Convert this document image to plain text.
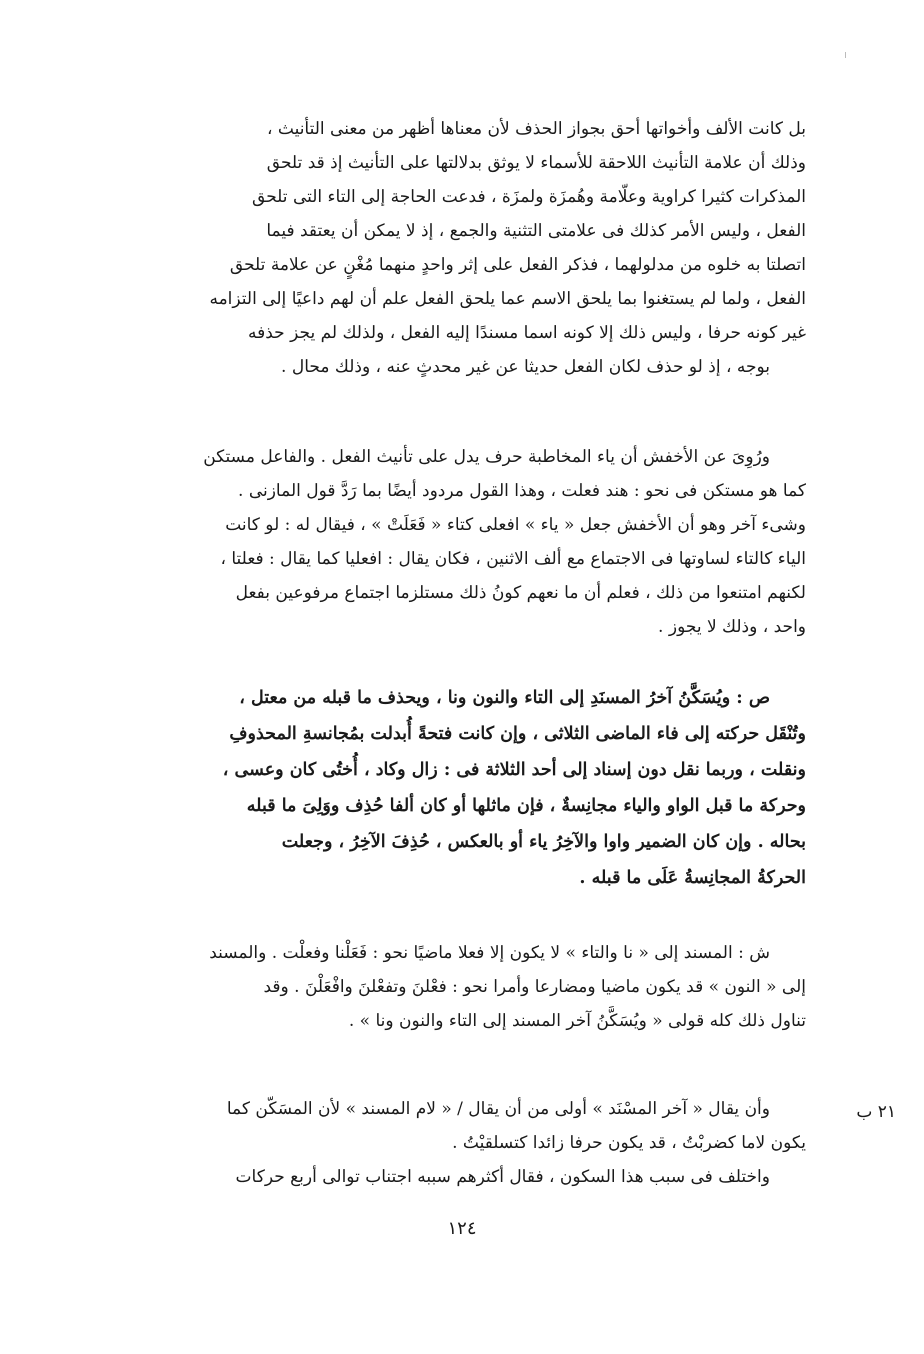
بل كانت الألف وأخواتها أحق بجواز الحذف لأن معناها أظهر من معنى التأنيث ،
وذلك أن علامة التأنيث اللاحقة للأسماء لا يوثق بدلالتها على التأنيث إذ قد تلحق
المذكرات كثيرا كراوية وعلّامة وهُمزَة ولمزَة ، فدعت الحاجة إلى التاء التى تلحق
الفعل ، وليس الأمر كذلك فى علامتى التثنية والجمع ، إذ لا يمكن أن يعتقد فيما
اتصلتا به خلوه من مدلولهما ، فذكر الفعل على إثر واحدٍ منهما مُغْنٍ عن علامة تلحق
الفعل ، ولما لم يستغنوا بما يلحق الاسم عما يلحق الفعل علم أن لهم داعيًا إلى التزامه
غير كونه حرفا ، وليس ذلك إلا كونه اسما مسندًا إليه الفعل ، ولذلك لم يجز حذفه
بوجه ، إذ لو حذف لكان الفعل حديثا عن غير محدثٍ عنه ، وذلك محال .
ورُوِىَ عن الأخفش أن ياء المخاطبة حرف يدل على تأنيث الفعل . والفاعل مستكن
كما هو مستكن فى نحو : هند فعلت ، وهذا القول مردود أيضًا بما رَدَّ قول المازنى .
وشىء آخر وهو أن الأخفش جعل « ياء » افعلى كتاء « فَعَلَتْ » ، فيقال له : لو كانت
الياء كالتاء لساوتها فى الاجتماع مع ألف الاثنين ، فكان يقال : افعليا كما يقال : فعلتا ،
لكنهم امتنعوا من ذلك ، فعلم أن ما نعهم كونُ ذلك مستلزما اجتماع مرفوعين بفعل
واحد ، وذلك لا يجوز .
ص : ويُسَكَّنُ آخرُ المسنَدِ إلى التاء والنون ونا ، ويحذف ما قبله من معتل ،
وتُنْقَل حركته إلى فاء الماضى الثلاثى ، وإن كانت فتحةً أُبدلت بمُجانسةِ المحذوفِ
ونقلت ، وربما نقل دون إسناد إلى أحد الثلاثة فى : زال وكاد ، أُختُى كان وعسى ،
وحركة ما قبل الواو والياء مجانِسةٌ ، فإن ماثلها أو كان ألفا حُذِف ووَلِىَ ما قبله
بحاله . وإن كان الضمير واوا والآخِرُ ياء أو بالعكس ، حُذِفَ الآخِرُ ، وجعلت
الحركةُ المجانِسةُ عَلَى ما قبله .
ش : المسند إلى « نا والتاء » لا يكون إلا فعلا ماضيًا نحو : فَعَلْنا وفعلْت . والمسند
إلى « النون » قد يكون ماضيا ومضارعا وأمرا نحو : فعْلنَ وتفعْلنَ وافْعَلْنَ . وقد
تناول ذلك كله قولى « ويُسَكَّنُ آخر المسند إلى التاء والنون ونا » .
وأن يقال « آخر المسْنَد » أولى من أن يقال / « لام المسند » لأن المسَكّن كما
يكون لاما كضربْتُ ، قد يكون حرفا زائدا كتسلقيْتُ .
واختلف فى سبب هذا السكون ، فقال أكثرهم سببه اجتناب توالى أربع حركات
٢١ ب
١٢٤
